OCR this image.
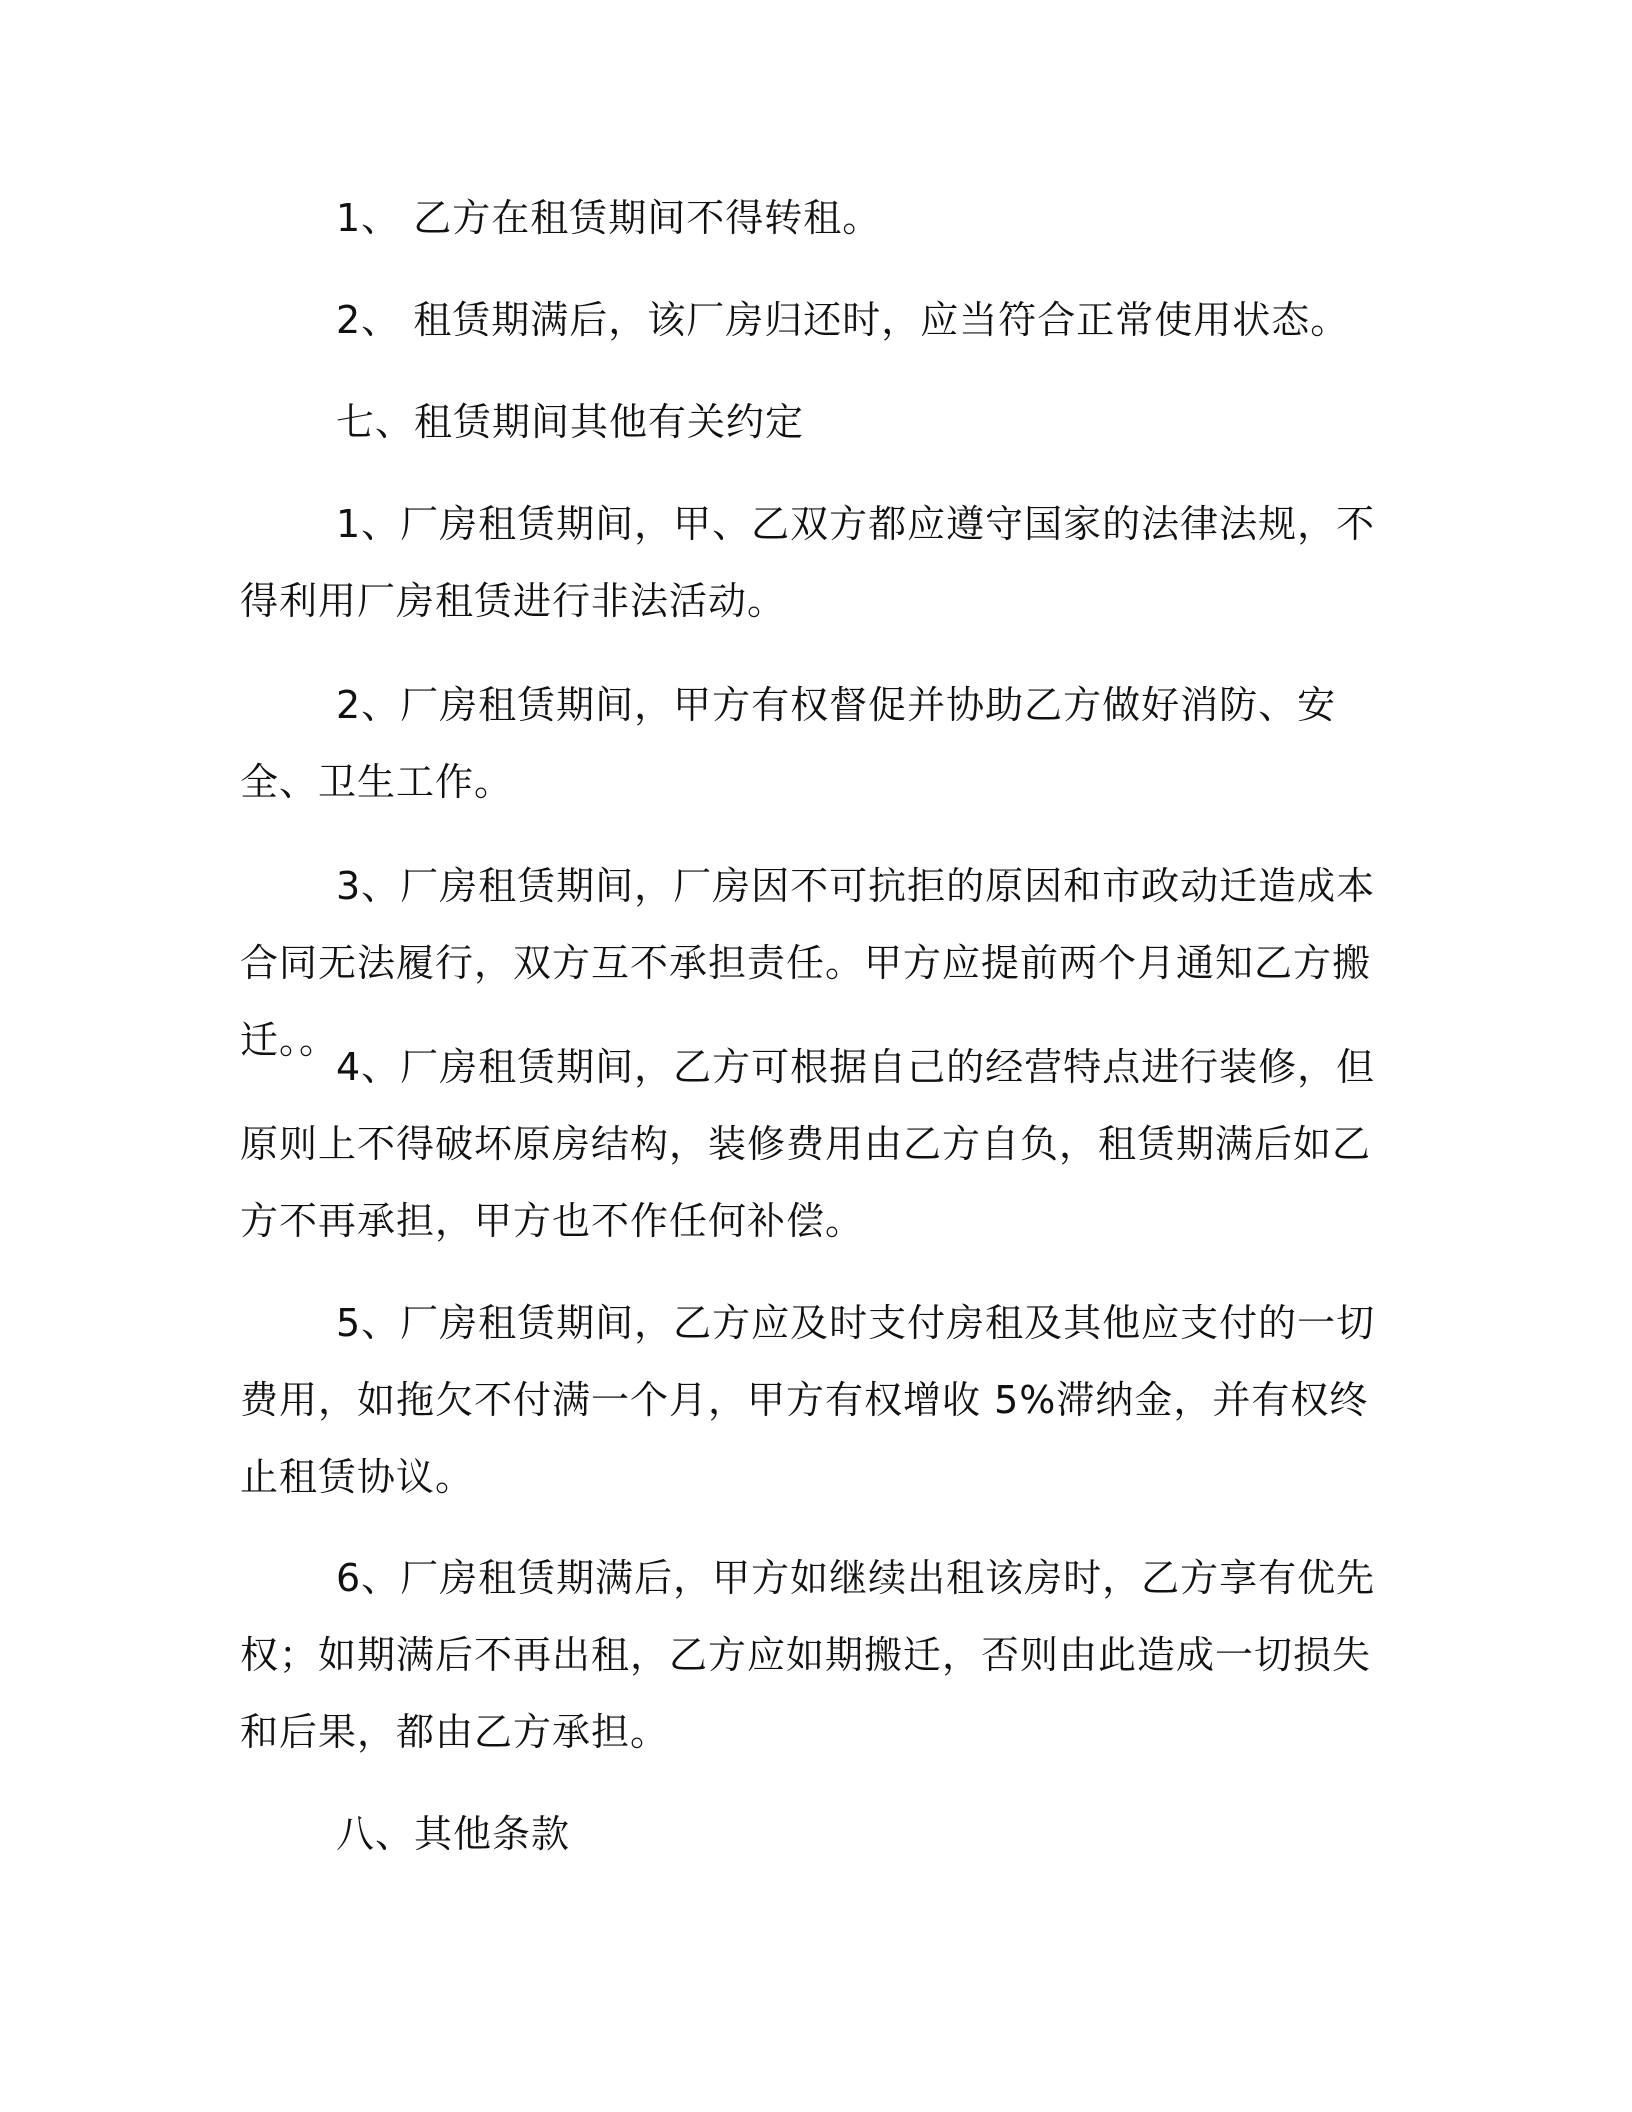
1、 乙方在租赁期间不得转租。

2、 租赁期满后，该厂房归还时，应当符合正常使用状态。

七、租赁期间其他有关约定

1、厂房租赁期间，甲、乙双方都应遵守国家的法律法规，不得利用厂房租赁进行非法活动。

2、厂房租赁期间，甲方有权督促并协助乙方做好消防、安全、卫生工作。

3、厂房租赁期间，厂房因不可抗拒的原因和市政动迁造成本合同无法履行，双方互不承担责任。甲方应提前两个月通知乙方搬迁。。

4、厂房租赁期间，乙方可根据自己的经营特点进行装修，但原则上不得破坏原房结构，装修费用由乙方自负，租赁期满后如乙方不再承担，甲方也不作任何补偿。

5、厂房租赁期间，乙方应及时支付房租及其他应支付的一切费用，如拖欠不付满一个月，甲方有权增收 5%滞纳金，并有权终止租赁协议。

6、厂房租赁期满后，甲方如继续出租该房时，乙方享有优先权；如期满后不再出租，乙方应如期搬迁，否则由此造成一切损失和后果，都由乙方承担。

八、其他条款
